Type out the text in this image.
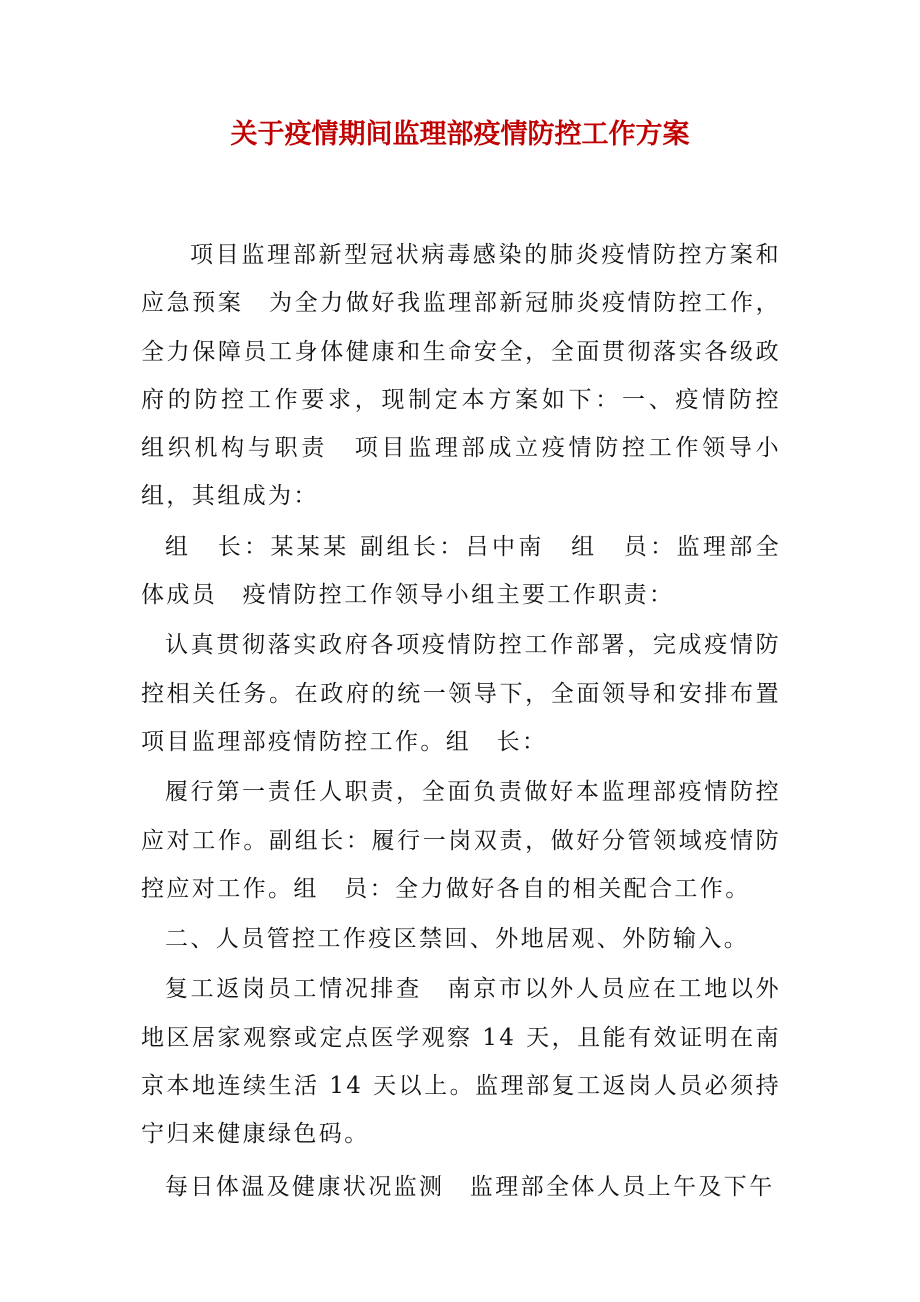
关于疫情期间监理部疫情防控工作方案

项目监理部新型冠状病毒感染的肺炎疫情防控方案和应急预案　为全力做好我监理部新冠肺炎疫情防控工作，全力保障员工身体健康和生命安全，全面贯彻落实各级政府的防控工作要求，现制定本方案如下：一、疫情防控 组织机构与职责　项目监理部成立疫情防控工作领导小组，其组成为：

组　长：某某某 副组长：吕中南　组　员：监理部全体成员　疫情防控工作领导小组主要工作职责：

认真贯彻落实政府各项疫情防控工作部署，完成疫情防控相关任务。在政府的统一领导下，全面领导和安排布置项目监理部疫情防控工作。组　长：

履行第一责任人职责，全面负责做好本监理部疫情防控应对工作。副组长：履行一岗双责，做好分管领域疫情防控应对工作。组　员：全力做好各自的相关配合工作。

二、人员管控工作疫区禁回、外地居观、外防输入。

复工返岗员工情况排查　南京市以外人员应在工地以外地区居家观察或定点医学观察 14 天，且能有效证明在南京本地连续生活 14 天以上。监理部复工返岗人员必须持宁归来健康绿色码。

每日体温及健康状况监测　监理部全体人员上午及下午
